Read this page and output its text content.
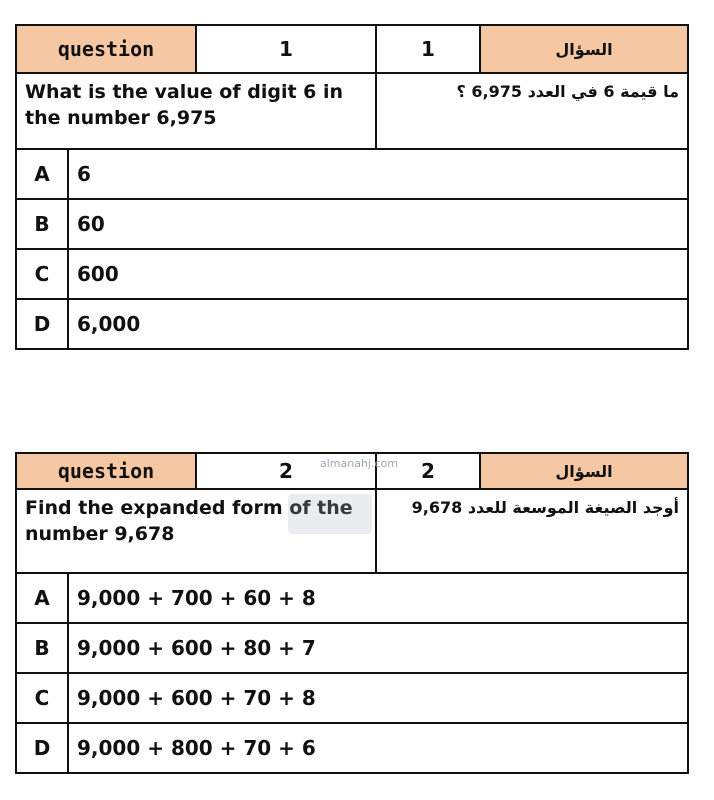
question		1	1	السؤال
What is the value of digit 6 in the number 6,975			ما قيمة 6 في العدد 6,975 ؟	
A	6			
B	60			
C	600			
D	6,000			
question		2	2	السؤال
Find the expanded form of the number 9,678			أوجد الصيغة الموسعة للعدد 9,678	
A	9,000 + 700 + 60 + 8			
B	9,000 + 600 + 80 + 7			
C	9,000 + 600 + 70 + 8			
D	9,000 + 800 + 70 + 6			
almanahj.com
